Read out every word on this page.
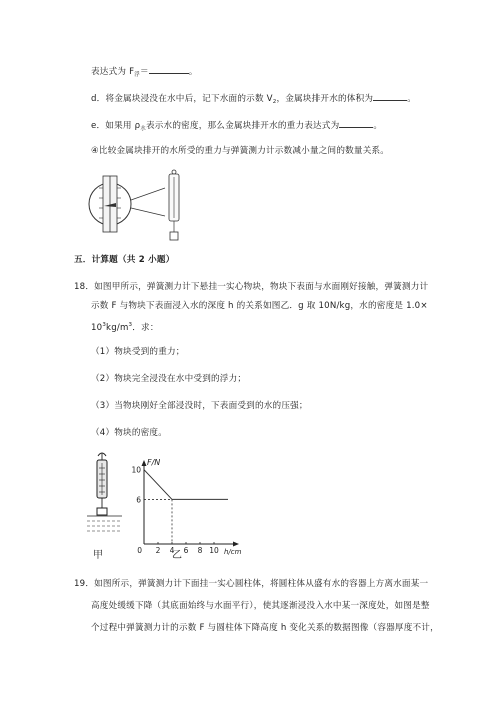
表达式为 $F_浮=$	。
d．将金属块浸没在水中后，记下水面的示数 $V_2$，金属块排开水的体积为	。
e．如果用 $\rho_水$表示水的密度，那么金属块排开水的重力表达式为	。
④比较金属块排开的水所受的重力与弹簧测力计示数减小量之间的数量关系。
五．计算题（共 2 小题）
18．如图甲所示，弹簧测力计下悬挂一实心物块，物块下表面与水面刚好接触，弹簧测力计
示数 F 与物块下表面浸入水的深度 h 的关系如图乙．g 取 10N/kg，水的密度是 1.0×
$10^3kg/m^3$．求：
（1）物块受到的重力；
（2）物块完全浸没在水中受到的浮力；
（3）当物块刚好全部浸没时，下表面受到的水的压强；
（4）物块的密度。
甲
F/N
h/cm
2 4 6 8 10
0
10
6
乙
19．如图所示，弹簧测力计下面挂一实心圆柱体，将圆柱体从盛有水的容器上方离水面某一
高度处缓缓下降（其底面始终与水面平行），使其逐渐浸没入水中某一深度处，如图是整
个过程中弹簧测力计的示数 F 与圆柱体下降高度 h 变化关系的数据图像（容器厚度不计，
